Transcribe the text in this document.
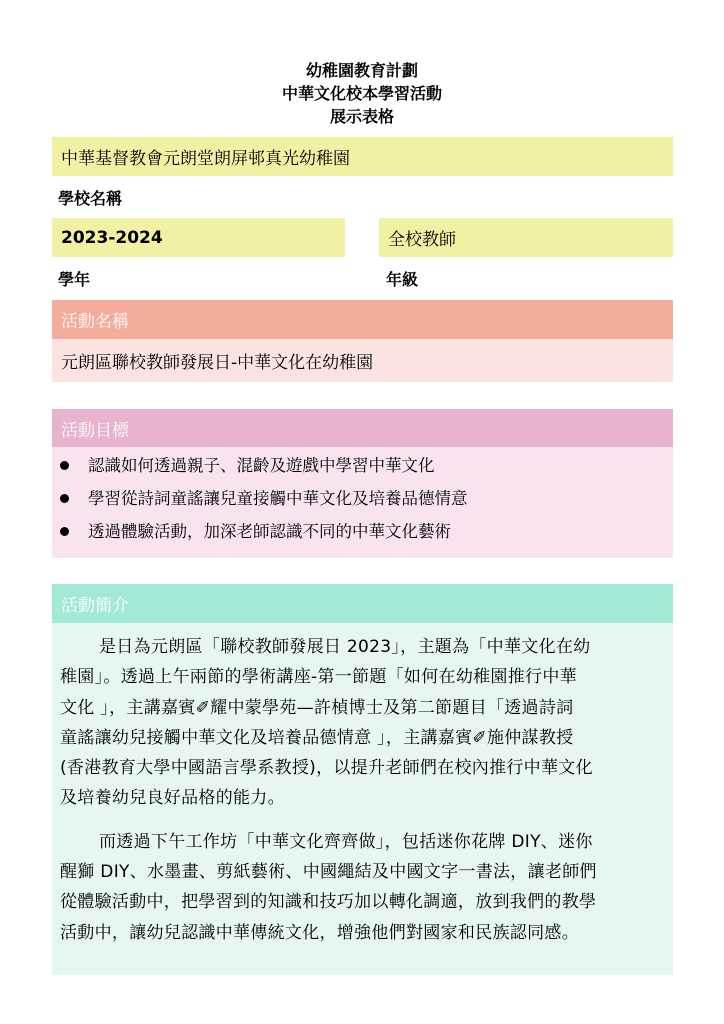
幼稚園教育計劃
中華文化校本學習活動
展示表格
中華基督教會元朗堂朗屏邨真光幼稚園
學校名稱
2023-2024	全校教師
學年	年級
活動名稱
元朗區聯校教師發展日-中華文化在幼稚園
活動目標
認識如何透過親子、混齡及遊戲中學習中華文化
學習從詩詞童謠讓兒童接觸中華文化及培養品德情意
透過體驗活動，加深老師認識不同的中華文化藝術
活動簡介

是日為元朗區「聯校教師發展日 2023」，主題為「中華文化在幼

稚園」。透過上午兩節的學術講座-第一節題「如何在幼稚園推行中華

文化 」，主講嘉賓✐耀中蒙學苑—許楨博士及第二節題目「透過詩詞

童謠讓幼兒接觸中華文化及培養品德情意 」，主講嘉賓✐施仲謀教授

(香港教育大學中國語言學系教授)，以提升老師們在校內推行中華文化

及培養幼兒良好品格的能力。

而透過下午工作坊「中華文化齊齊做」，包括迷你花牌 DIY、迷你

醒獅 DIY、水墨畫、剪紙藝術、中國繩結及中國文字一書法，讓老師們

從體驗活動中，把學習到的知識和技巧加以轉化調適，放到我們的教學

活動中，讓幼兒認識中華傳統文化，增強他們對國家和民族認同感。
